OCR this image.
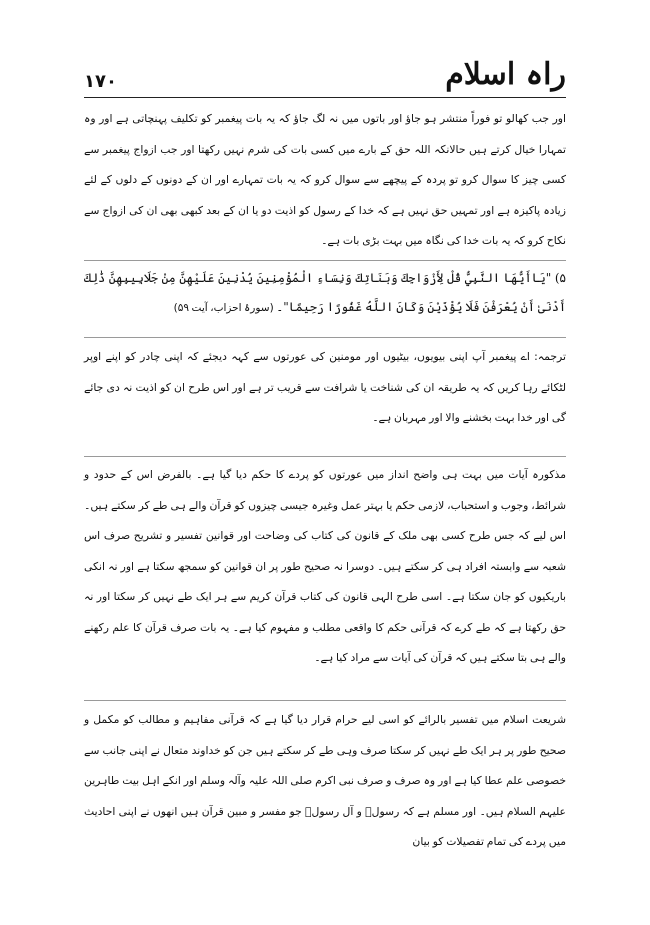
۱۷۰	راہ اسلام
اور جب کھالو تو فوراً منتشر ہو جاؤ اور باتوں میں نہ لگ جاؤ کہ یہ بات پیغمبر کو تکلیف پہنچاتی ہے اور وہ تمہارا خیال کرتے ہیں حالانکہ اللہ حق کے بارے میں کسی بات کی شرم نہیں رکھتا اور جب ازواج پیغمبر سے کسی چیز کا سوال کرو تو پردہ کے پیچھے سے سوال کرو کہ یہ بات تمہارے اور ان کے دونوں کے دلوں کے لئے زیادہ پاکیزہ ہے اور تمہیں حق نہیں ہے کہ خدا کے رسول کو اذیت دو یا ان کے بعد کبھی بھی ان کی ازواج سے نکاح کرو کہ یہ بات خدا کی نگاہ میں بہت بڑی بات ہے۔
۵) "يَاأَيُّهَا النَّبِيُّ قُلْ لِأَزْوَاجِكَ وَبَنَاتِكَ وَنِسَاءِ الْمُؤْمِنِينَ يُدْنِينَ عَلَيْهِنَّ مِنْ جَلَابِيبِهِنَّ ذَٰلِكَ أَدْنَىٰ أَنْ يُعْرَفْنَ فَلَا يُؤْذَيْنَ وَكَانَ اللَّهُ غَفُورًا رَحِيمًا"۔ (سورۂ احزاب، آیت ۵۹)
ترجمہ: اے پیغمبر آپ اپنی بیویوں، بیٹیوں اور مومنین کی عورتوں سے کہہ دیجئے کہ اپنی چادر کو اپنے اوپر لٹکائے رہا کریں کہ یہ طریقہ ان کی شناخت یا شرافت سے قریب تر ہے اور اس طرح ان کو اذیت نہ دی جائے گی اور خدا بہت بخشنے والا اور مہربان ہے۔
مذکورہ آیات میں بہت ہی واضح انداز میں عورتوں کو پردے کا حکم دیا گیا ہے۔ بالفرض اس کے حدود و شرائط، وجوب و استحباب، لازمی حکم یا بہتر عمل وغیرہ جیسی چیزوں کو قرآن والے ہی طے کر سکتے ہیں۔ اس لیے کہ جس طرح کسی بھی ملک کے قانون کی کتاب کی وضاحت اور قوانین تفسیر و تشریح صرف اس شعبہ سے وابستہ افراد ہی کر سکتے ہیں۔ دوسرا نہ صحیح طور پر ان قوانین کو سمجھ سکتا ہے اور نہ انکی باریکیوں کو جان سکتا ہے۔ اسی طرح الہی قانون کی کتاب قرآن کریم سے ہر ایک طے نہیں کر سکتا اور نہ حق رکھتا ہے کہ طے کرے کہ قرآنی حکم کا واقعی مطلب و مفہوم کیا ہے۔ یہ بات صرف قرآن کا علم رکھنے والے ہی بتا سکتے ہیں کہ قرآن کی آیات سے مراد کیا ہے۔
شریعت اسلام میں تفسیر بالرائے کو اسی لیے حرام قرار دیا گیا ہے کہ قرآنی مفاہیم و مطالب کو مکمل و صحیح طور پر ہر ایک طے نہیں کر سکتا صرف وہی طے کر سکتے ہیں جن کو خداوند متعال نے اپنی جانب سے خصوصی علم عطا کیا ہے اور وہ صرف و صرف نبی اکرم صلی اللہ علیہ وآلہ وسلم اور انکے اہل بیت طاہرین علیہم السلام ہیں۔ اور مسلم ہے کہ رسولؐ و آل رسولؐ جو مفسر و مبین قرآن ہیں انھوں نے اپنی احادیث میں پردے کی تمام تفصیلات کو بیان
